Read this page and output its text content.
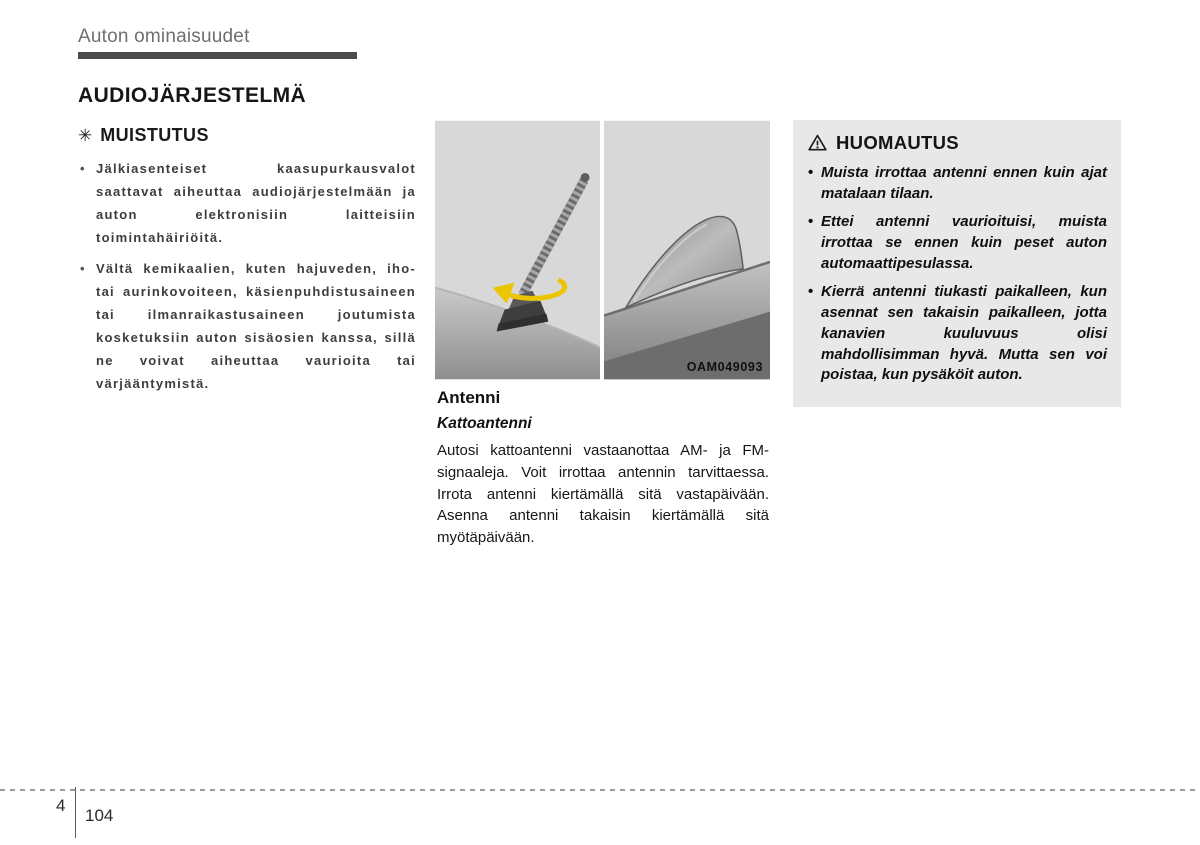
Auton ominaisuudet
AUDIOJÄRJESTELMÄ
✳ MUISTUTUS
• Jälkiasenteiset kaasupurkausvalot saattavat aiheuttaa audiojärjestelmään ja auton elektronisiin laitteisiin toimintahäiriöitä.
• Vältä kemikaalien, kuten hajuveden, iho- tai aurinkovoiteen, käsienpuhdistusaineen tai ilmanraikastusaineen joutumista kosketuksiin auton sisäosien kanssa, sillä ne voivat aiheuttaa vaurioita tai värjääntymistä.
OAM049093
Antenni
Kattoantenni

Autosi kattoantenni vastaanottaa AM- ja FM-signaaleja. Voit irrottaa antennin tarvittaessa. Irrota antenni kiertämällä sitä vastapäivään. Asenna antenni takaisin kiertämällä sitä myötäpäivään.

HUOMAUTUS
• Muista irrottaa antenni ennen kuin ajat matalaan tilaan.
• Ettei antenni vaurioituisi, muista irrottaa se ennen kuin peset auton automaattipesulassa.
• Kierrä antenni tiukasti paikalleen, kun asennat sen takaisin paikalleen, jotta kanavien kuuluvuus olisi mahdollisimman hyvä. Mutta sen voi poistaa, kun pysäköit auton.
4
104
